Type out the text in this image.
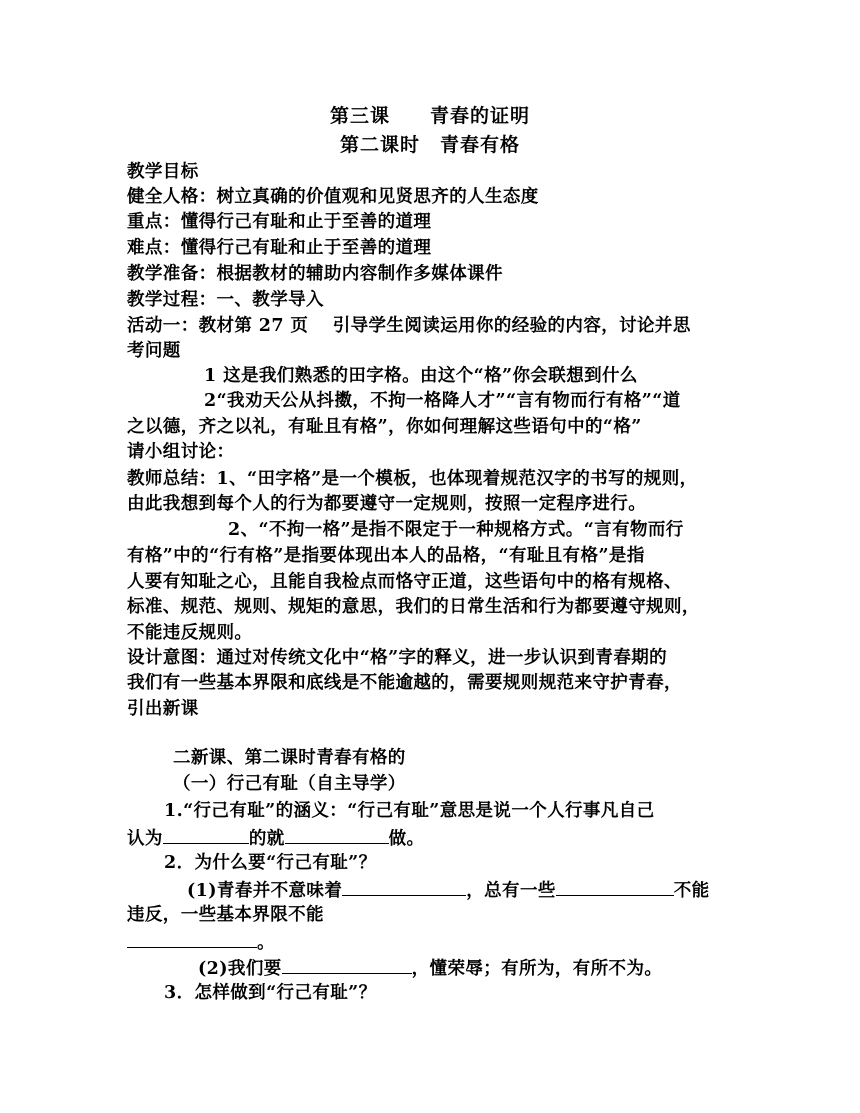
第三课　　青春的证明
第二课时　青春有格
教学目标
健全人格：树立真确的价值观和见贤思齐的人生态度
重点：懂得行己有耻和止于至善的道理
难点：懂得行己有耻和止于至善的道理
教学准备：根据教材的辅助内容制作多媒体课件
教学过程：一、教学导入
活动一：教材第 27 页　 引导学生阅读运用你的经验的内容，讨论并思
考问题
1 这是我们熟悉的田字格。由这个“格”你会联想到什么
2“我劝天公从抖擞，不拘一格降人才”“言有物而行有格”“道
之以德，齐之以礼，有耻且有格”，你如何理解这些语句中的“格”
请小组讨论：
教师总结：1、“田字格”是一个模板，也体现着规范汉字的书写的规则，
由此我想到每个人的行为都要遵守一定规则，按照一定程序进行。
2、“不拘一格”是指不限定于一种规格方式。“言有物而行
有格”中的“行有格”是指要体现出本人的品格，“有耻且有格”是指
人要有知耻之心，且能自我检点而恪守正道，这些语句中的格有规格、
标准、规范、规则、规矩的意思，我们的日常生活和行为都要遵守规则，
不能违反规则。
设计意图：通过对传统文化中“格”字的释义，进一步认识到青春期的
我们有一些基本界限和底线是不能逾越的，需要规则规范来守护青春，
引出新课
二新课、第二课时青春有格的
（一）行己有耻（自主导学）
1.“行己有耻”的涵义：“行己有耻”意思是说一个人行事凡自己
认为	的就	做。
2．为什么要“行己有耻”？
(1)青春并不意味着	，总有一些	不能
违反，一些基本界限不能
。
(2)我们要	，懂荣辱；有所为，有所不为。
3．怎样做到“行己有耻”？
